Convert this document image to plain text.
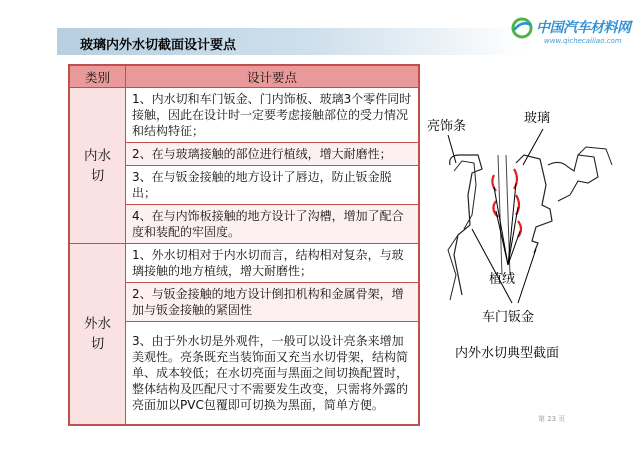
玻璃内外水切截面设计要点
中国汽车材料网
www.qichecailiao.com
类别	设计要点
内水切	1、内水切和车门钣金、门内饰板、玻璃3个零件同时接触，因此在设计时一定要考虑接触部位的受力情况和结构特征；
	2、在与玻璃接触的部位进行植绒，增大耐磨性；
	3、在与钣金接触的地方设计了唇边，防止钣金脱出；
	4、在与内饰板接触的地方设计了沟槽，增加了配合度和装配的牢固度。
外水切	1、外水切相对于内水切而言，结构相对复杂，与玻璃接触的地方植绒，增大耐磨性；
	2、与钣金接触的地方设计倒扣机构和金属骨架，增加与钣金接触的紧固性
	3、由于外水切是外观件，一般可以设计亮条来增加美观性。亮条既充当装饰面又充当水切骨架，结构简单、成本较低；在水切亮面与黑面之间切换配置时，整体结构及匹配尺寸不需要发生改变，只需将外露的亮面加以PVC包覆即可切换为黑面，简单方便。
亮饰条
玻璃
植绒
车门钣金
内外水切典型截面
第 23 页
